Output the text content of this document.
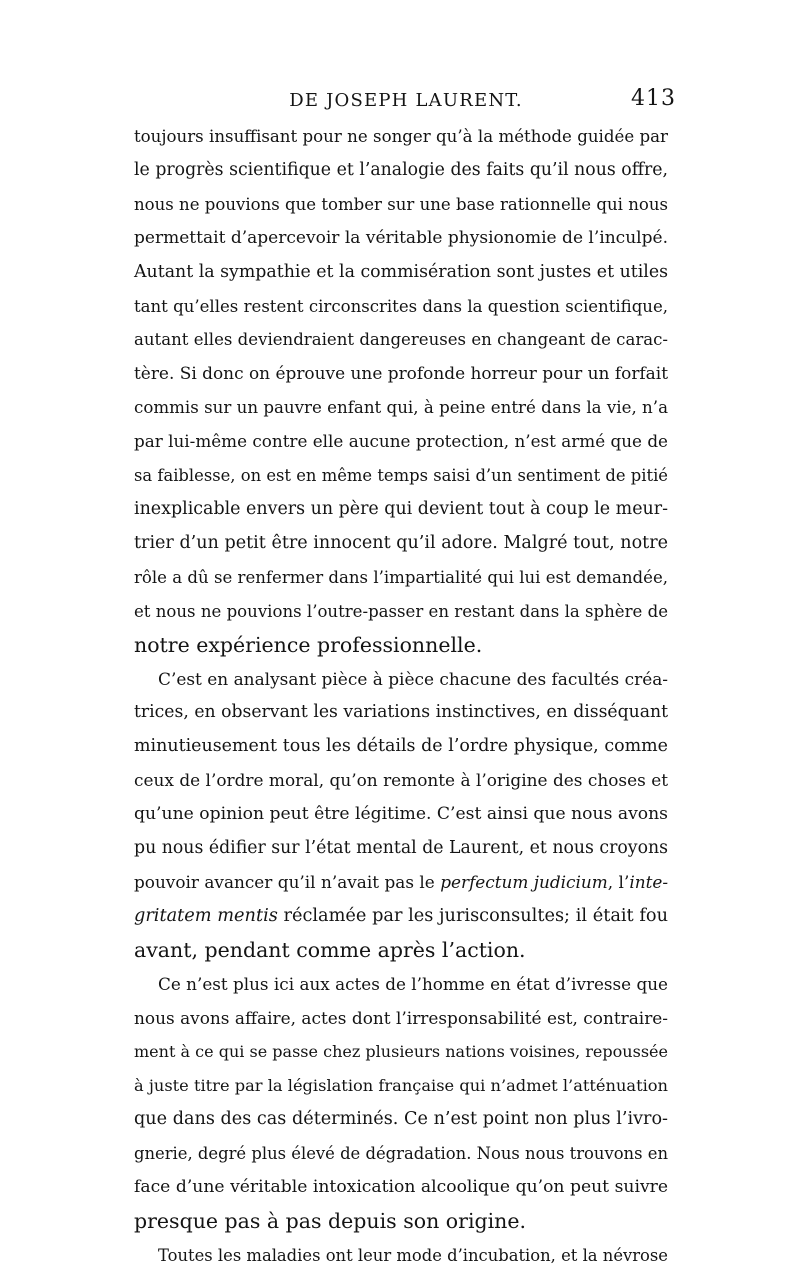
DE JOSEPH LAURENT.	413

toujours insuffisant pour ne songer qu’à la méthode guidée par
le progrès scientifique et l’analogie des faits qu’il nous offre,
nous ne pouvions que tomber sur une base rationnelle qui nous
permettait d’apercevoir la véritable physionomie de l’inculpé.
Autant la sympathie et la commisération sont justes et utiles
tant qu’elles restent circonscrites dans la question scientifique,
autant elles deviendraient dangereuses en changeant de carac-
tère. Si donc on éprouve une profonde horreur pour un forfait
commis sur un pauvre enfant qui, à peine entré dans la vie, n’a
par lui-même contre elle aucune protection, n’est armé que de
sa faiblesse, on est en même temps saisi d’un sentiment de pitié
inexplicable envers un père qui devient tout à coup le meur-
trier d’un petit être innocent qu’il adore. Malgré tout, notre
rôle a dû se renfermer dans l’impartialité qui lui est demandée,
et nous ne pouvions l’outre-passer en restant dans la sphère de
notre expérience professionnelle.

C’est en analysant pièce à pièce chacune des facultés créa-
trices, en observant les variations instinctives, en disséquant
minutieusement tous les détails de l’ordre physique, comme
ceux de l’ordre moral, qu’on remonte à l’origine des choses et
qu’une opinion peut être légitime. C’est ainsi que nous avons
pu nous édifier sur l’état mental de Laurent, et nous croyons
pouvoir avancer qu’il n’avait pas le perfectum judicium, l’inte-
gritatem mentis réclamée par les jurisconsultes; il était fou
avant, pendant comme après l’action.

Ce n’est plus ici aux actes de l’homme en état d’ivresse que
nous avons affaire, actes dont l’irresponsabilité est, contraire-
ment à ce qui se passe chez plusieurs nations voisines, repoussée
à juste titre par la législation française qui n’admet l’atténuation
que dans des cas déterminés. Ce n’est point non plus l’ivro-
gnerie, degré plus élevé de dégradation. Nous nous trouvons en
face d’une véritable intoxication alcoolique qu’on peut suivre
presque pas à pas depuis son origine.

Toutes les maladies ont leur mode d’incubation, et la névrose
